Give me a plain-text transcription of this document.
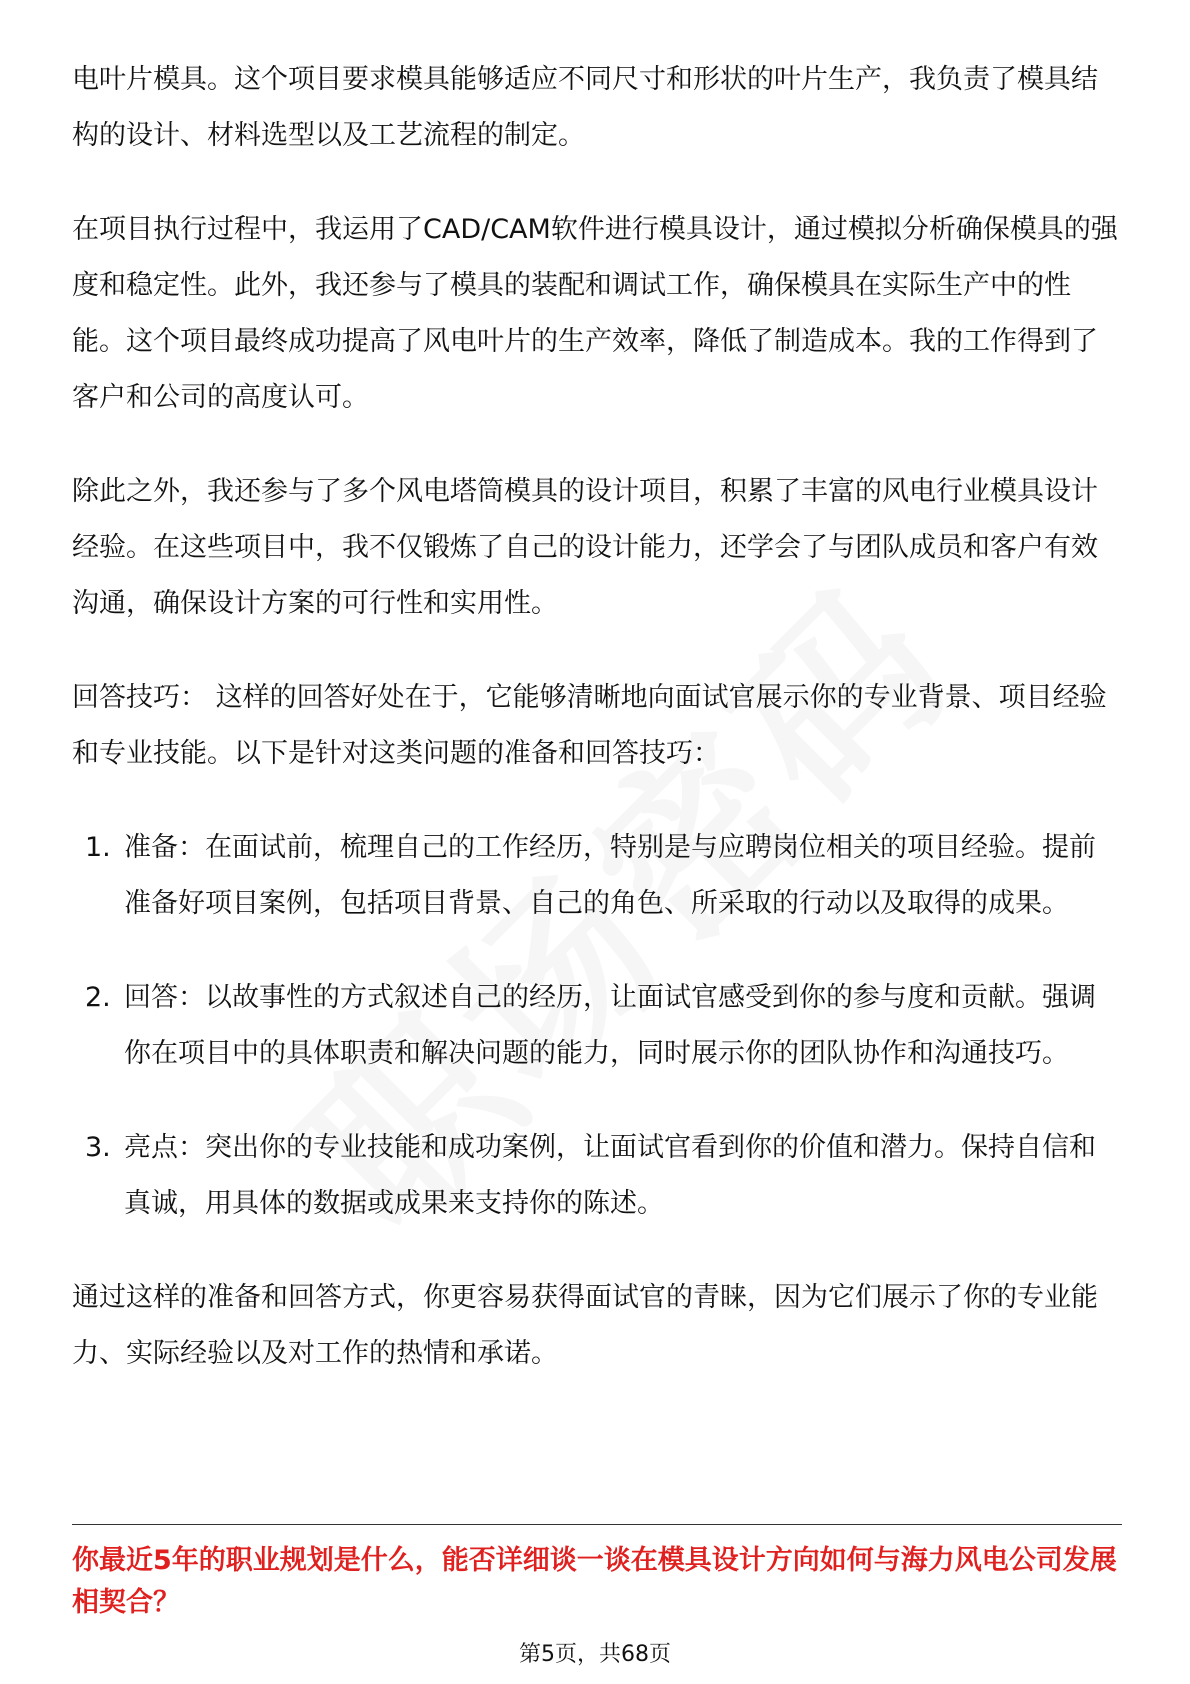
电叶片模具。这个项目要求模具能够适应不同尺寸和形状的叶片生产，我负责了模具结构的设计、材料选型以及工艺流程的制定。

在项目执行过程中，我运用了CAD/CAM软件进行模具设计，通过模拟分析确保模具的强度和稳定性。此外，我还参与了模具的装配和调试工作，确保模具在实际生产中的性能。这个项目最终成功提高了风电叶片的生产效率，降低了制造成本。我的工作得到了客户和公司的高度认可。

除此之外，我还参与了多个风电塔筒模具的设计项目，积累了丰富的风电行业模具设计经验。在这些项目中，我不仅锻炼了自己的设计能力，还学会了与团队成员和客户有效沟通，确保设计方案的可行性和实用性。

回答技巧： 这样的回答好处在于，它能够清晰地向面试官展示你的专业背景、项目经验和专业技能。以下是针对这类问题的准备和回答技巧：

1. 准备：在面试前，梳理自己的工作经历，特别是与应聘岗位相关的项目经验。提前准备好项目案例，包括项目背景、自己的角色、所采取的行动以及取得的成果。
2. 回答：以故事性的方式叙述自己的经历，让面试官感受到你的参与度和贡献。强调你在项目中的具体职责和解决问题的能力，同时展示你的团队协作和沟通技巧。
3. 亮点：突出你的专业技能和成功案例，让面试官看到你的价值和潜力。保持自信和真诚，用具体的数据或成果来支持你的陈述。

通过这样的准备和回答方式，你更容易获得面试官的青睐，因为它们展示了你的专业能力、实际经验以及对工作的热情和承诺。

你最近5年的职业规划是什么，能否详细谈一谈在模具设计方向如何与海力风电公司发展相契合？

第5页，共68页
